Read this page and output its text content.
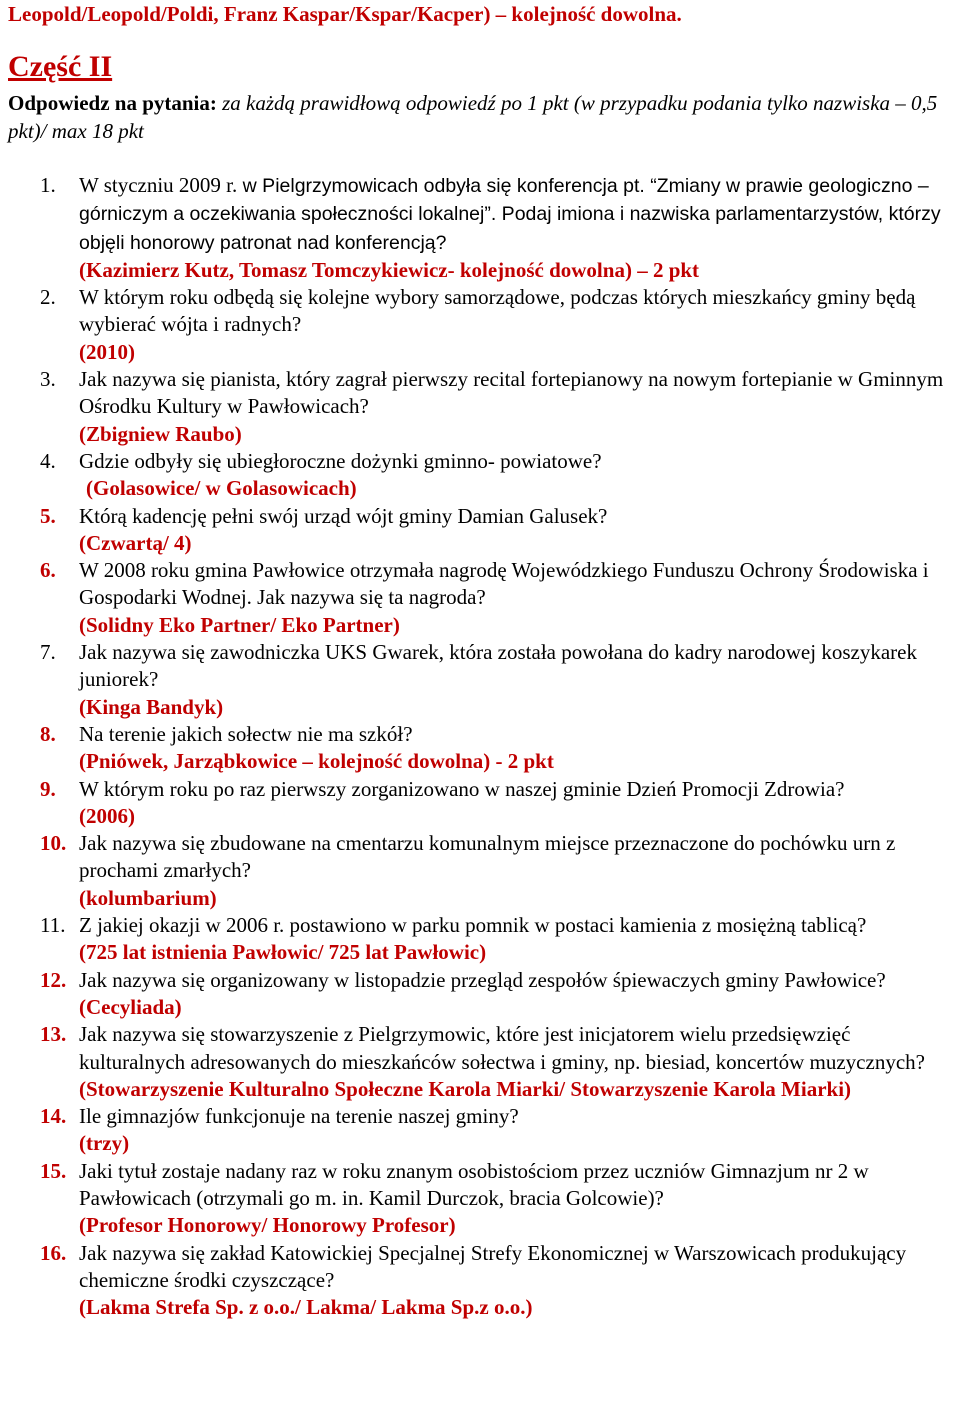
Leopold/Leopold/Poldi, Franz Kaspar/Kspar/Kacper) – kolejność dowolna.
Część II
Odpowiedz na pytania: za każdą prawidłową odpowiedź po 1 pkt (w przypadku podania tylko nazwiska – 0,5 pkt)/ max 18 pkt
1.	W styczniu 2009 r. w Pielgrzymowicach odbyła się konferencja pt. “Zmiany w prawie geologiczno – górniczym a oczekiwania społeczności lokalnej”. Podaj imiona i nazwiska parlamentarzystów, którzy objęli honorowy patronat nad konferencją?
(Kazimierz Kutz, Tomasz Tomczykiewicz- kolejność dowolna) – 2 pkt
2.	W którym roku odbędą się kolejne wybory samorządowe, podczas których mieszkańcy gminy będą wybierać wójta i radnych?
(2010)
3.	Jak nazywa się pianista, który zagrał pierwszy recital fortepianowy na nowym fortepianie w Gminnym Ośrodku Kultury w Pawłowicach?
(Zbigniew Raubo)
4.	Gdzie odbyły się ubiegłoroczne dożynki gminno- powiatowe?
(Golasowice/ w Golasowicach)
5.	Którą kadencję pełni swój urząd wójt gminy Damian Galusek?
(Czwartą/ 4)
6.	W 2008 roku gmina Pawłowice otrzymała nagrodę Wojewódzkiego Funduszu Ochrony Środowiska i Gospodarki Wodnej. Jak nazywa się ta nagroda?
(Solidny Eko Partner/ Eko Partner)
7.	Jak nazywa się zawodniczka UKS Gwarek, która została powołana do kadry narodowej koszykarek juniorek?
(Kinga Bandyk)
8.	Na terenie jakich sołectw nie ma szkół?
(Pniówek, Jarząbkowice – kolejność dowolna) - 2 pkt
9.	W którym roku po raz pierwszy zorganizowano w naszej gminie Dzień Promocji Zdrowia?
(2006)
10. Jak nazywa się zbudowane na cmentarzu komunalnym miejsce przeznaczone do pochówku urn z prochami zmarłych?
(kolumbarium)
11. Z jakiej okazji w 2006 r. postawiono w parku pomnik w postaci kamienia z mosiężną tablicą?
(725 lat istnienia Pawłowic/ 725 lat Pawłowic)
12. Jak nazywa się organizowany w listopadzie przegląd zespołów śpiewaczych gminy Pawłowice?
(Cecyliada)
13. Jak nazywa się stowarzyszenie z Pielgrzymowic, które jest inicjatorem wielu przedsięwzięć kulturalnych adresowanych do mieszkańców sołectwa i gminy, np. biesiad, koncertów muzycznych?
(Stowarzyszenie Kulturalno Społeczne Karola Miarki/ Stowarzyszenie Karola Miarki)
14. Ile gimnazjów funkcjonuje na terenie naszej gminy?
(trzy)
15. Jaki tytuł zostaje nadany raz w roku znanym osobistościom przez uczniów Gimnazjum nr 2 w Pawłowicach (otrzymali go m. in. Kamil Durczok, bracia Golcowie)?
(Profesor Honorowy/ Honorowy Profesor)
16. Jak nazywa się zakład Katowickiej Specjalnej Strefy Ekonomicznej w Warszowicach produkujący chemiczne środki czyszczące?
(Lakma Strefa Sp. z o.o./ Lakma/ Lakma Sp.z o.o.)
